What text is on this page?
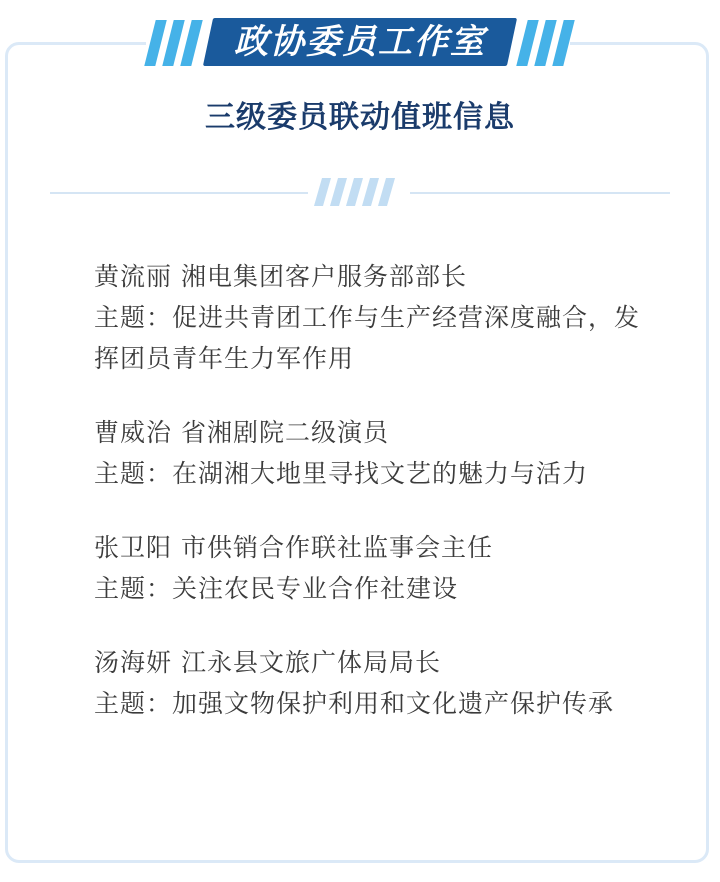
政协委员工作室
三级委员联动值班信息
黄流丽 湘电集团客户服务部部长
主题：促进共青团工作与生产经营深度融合，发挥团员青年生力军作用
曹威治 省湘剧院二级演员
主题：在湖湘大地里寻找文艺的魅力与活力
张卫阳 市供销合作联社监事会主任
主题：关注农民专业合作社建设
汤海妍 江永县文旅广体局局长
主题：加强文物保护利用和文化遗产保护传承
